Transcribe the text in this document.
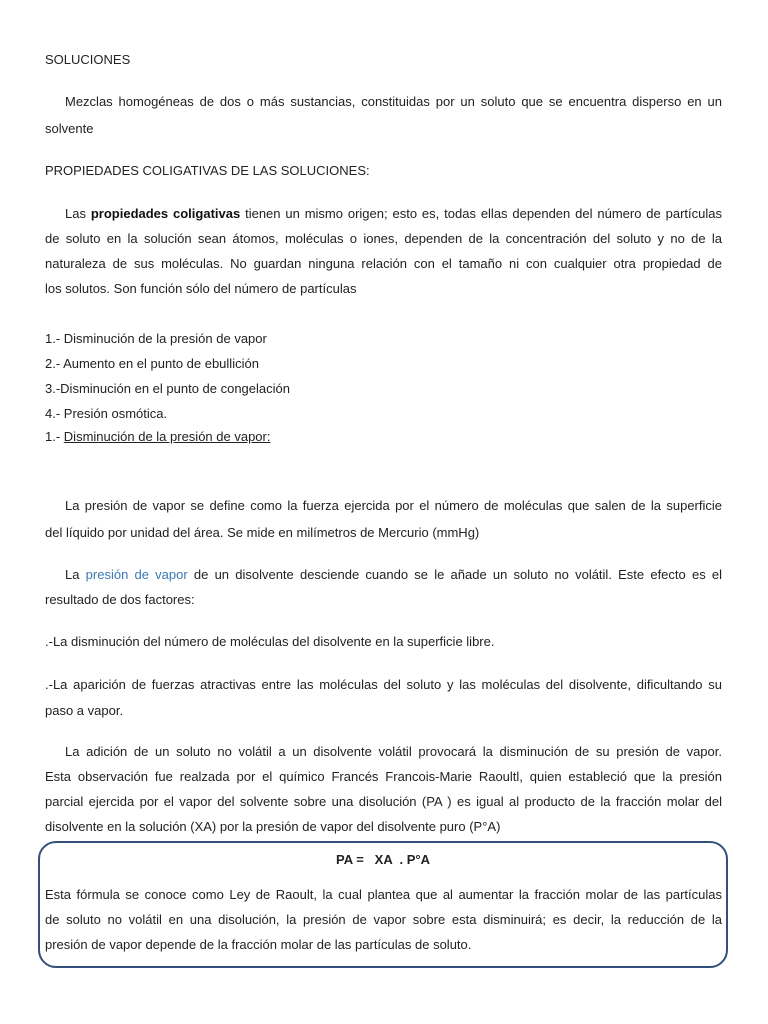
SOLUCIONES
Mezclas homogéneas de dos o más sustancias, constituidas por un soluto que se encuentra disperso en un
solvente
PROPIEDADES COLIGATIVAS DE LAS SOLUCIONES:
Las propiedades coligativas tienen un mismo origen; esto es, todas ellas dependen del número de partículas
de soluto en la solución sean átomos, moléculas o iones, dependen de la concentración del soluto y no de la
naturaleza de sus moléculas. No guardan ninguna relación con el tamaño ni con cualquier otra propiedad de
los solutos. Son función sólo del número de partículas
1.- Disminución de la presión de vapor
2.- Aumento en el punto de ebullición
3.-Disminución en el punto de congelación
4.- Presión osmótica.
1.- Disminución de la presión de vapor:
La presión de vapor se define como la fuerza ejercida por el número de moléculas que salen de la superficie
del líquido por unidad del área. Se mide en milímetros de Mercurio (mmHg)
La presión de vapor de un disolvente desciende cuando se le añade un soluto no volátil. Este efecto es el
resultado de dos factores:
.-La disminución del número de moléculas del disolvente en la superficie libre.
.-La aparición de fuerzas atractivas entre las moléculas del soluto y las moléculas del disolvente, dificultando su
paso a vapor.
La adición de un soluto no volátil a un disolvente volátil provocará la disminución de su presión de vapor.
Esta observación fue realzada por el químico Francés Francois-Marie Raoultl, quien estableció que la presión
parcial ejercida por el vapor del solvente sobre una disolución (PA ) es igual al producto de la fracción molar del
disolvente en la solución (XA) por la presión de vapor del disolvente puro (P°A)
PA =   XA  . P°A
Esta fórmula se conoce como Ley de Raoult, la cual plantea que al aumentar la fracción molar de las partículas
de soluto no volátil en una disolución, la presión de vapor sobre esta disminuirá; es decir, la reducción de la
presión de vapor depende de la fracción molar de las partículas de soluto.
